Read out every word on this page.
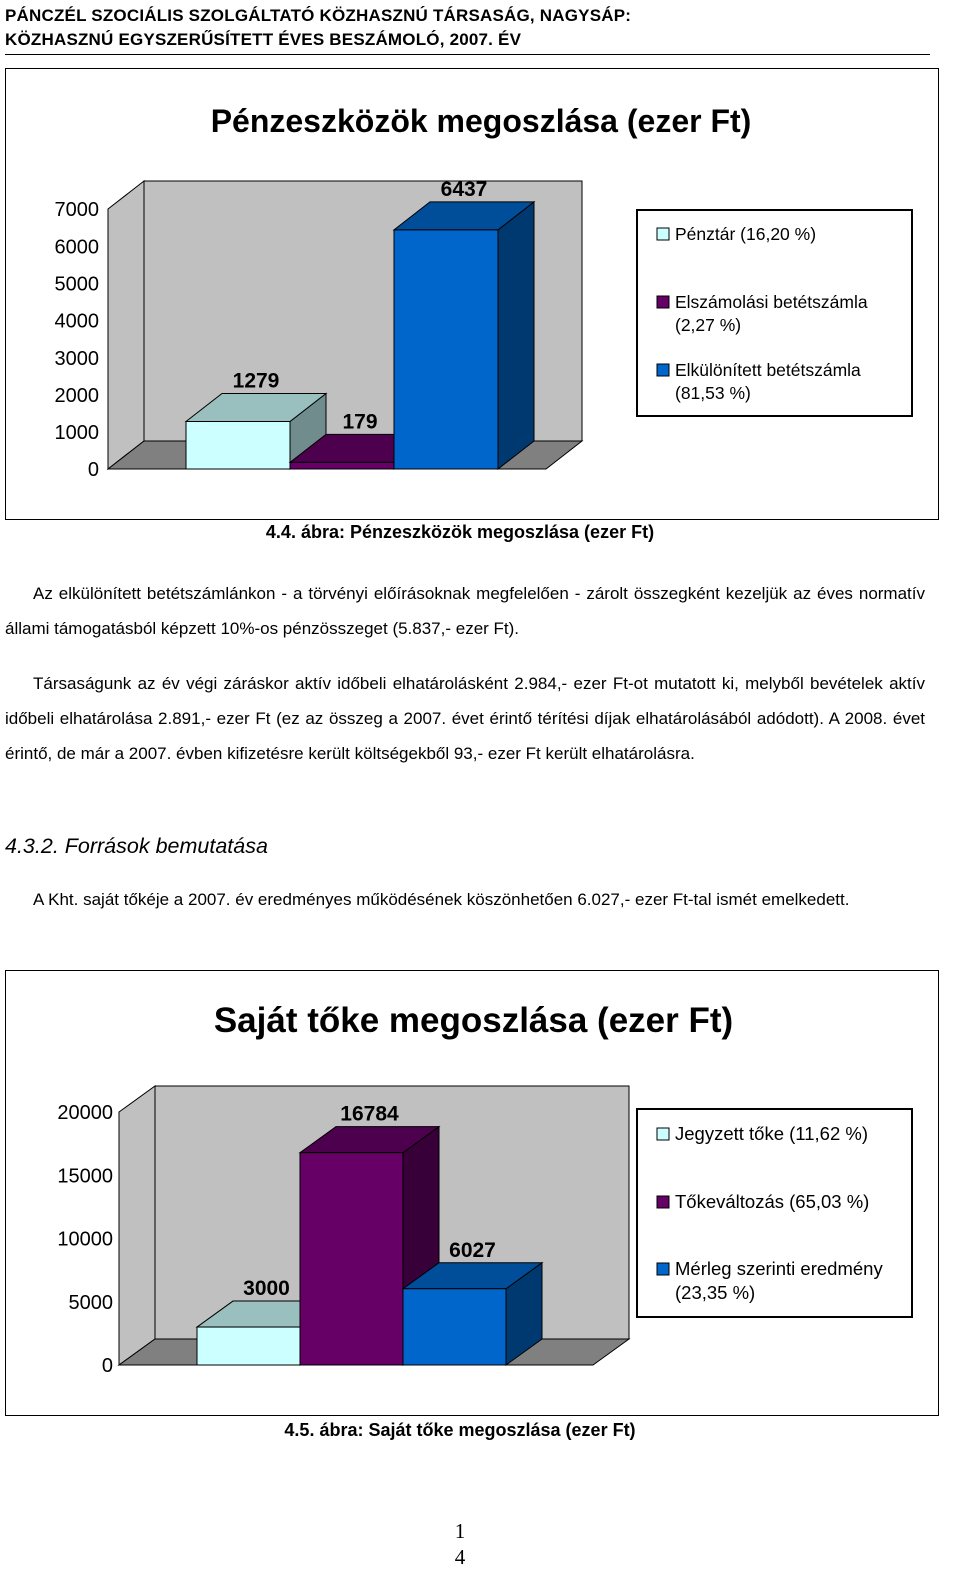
PÁNCZÉL SZOCIÁLIS SZOLGÁLTATÓ KÖZHASZNÚ TÁRSASÁG, NAGYSÁP:
KÖZHASZNÚ EGYSZERŰSÍTETT ÉVES BESZÁMOLÓ, 2007. ÉV
Pénzeszközök megoszlása (ezer Ft)
0
1000
2000
3000
4000
5000
6000
7000
1279
179
6437
Pénztár (16,20 %)
Elszámolási betétszámla (2,27 %)
Elkülönített betétszámla (81,53 %)
4.4. ábra: Pénzeszközök megoszlása (ezer Ft)

Az elkülönített betétszámlánkon - a törvényi előírásoknak megfelelően - zárolt összegként kezeljük az éves normatív állami támogatásból képzett 10%-os pénzösszeget (5.837,- ezer Ft).

Társaságunk az év végi záráskor aktív időbeli elhatárolásként 2.984,- ezer Ft-ot mutatott ki, melyből bevételek aktív időbeli elhatárolása 2.891,- ezer Ft (ez az összeg a 2007. évet érintő térítési díjak elhatárolásából adódott). A 2008. évet érintő, de már a 2007. évben kifizetésre került költségekből 93,- ezer Ft került elhatárolásra.

4.3.2. Források bemutatása

A Kht. saját tőkéje a 2007. év eredményes működésének köszönhetően 6.027,- ezer Ft-tal ismét emelkedett.

Saját tőke megoszlása (ezer Ft)
0
5000
10000
15000
20000
3000
16784
6027
Jegyzett tőke (11,62 %)
Tőkeváltozás (65,03 %)
Mérleg szerinti eredmény (23,35 %)
4.5. ábra: Saját tőke megoszlása (ezer Ft)
1
4
